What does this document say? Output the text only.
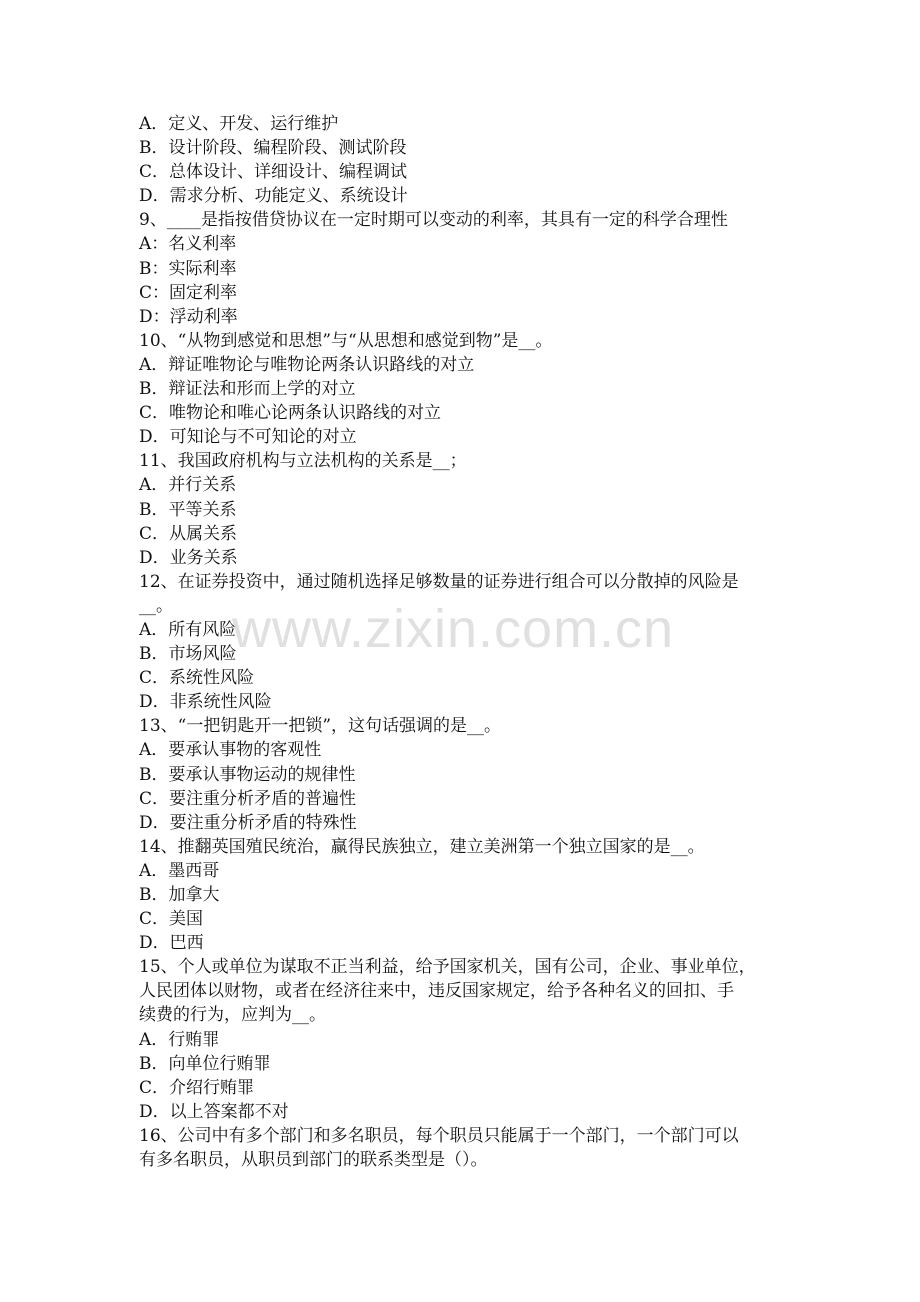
A．定义、开发、运行维护
B．设计阶段、编程阶段、测试阶段
C．总体设计、详细设计、编程调试
D．需求分析、功能定义、系统设计
9、____是指按借贷协议在一定时期可以变动的利率，其具有一定的科学合理性
A：名义利率
B：实际利率
C：固定利率
D：浮动利率
10、“从物到感觉和思想”与“从思想和感觉到物”是__。
A．辩证唯物论与唯物论两条认识路线的对立
B．辩证法和形而上学的对立
C．唯物论和唯心论两条认识路线的对立
D．可知论与不可知论的对立
11、我国政府机构与立法机构的关系是__；
A．并行关系
B．平等关系
C．从属关系
D．业务关系
12、在证券投资中，通过随机选择足够数量的证券进行组合可以分散掉的风险是
__。
A．所有风险
B．市场风险
C．系统性风险
D．非系统性风险
13、“一把钥匙开一把锁”，这句话强调的是__。
A．要承认事物的客观性
B．要承认事物运动的规律性
C．要注重分析矛盾的普遍性
D．要注重分析矛盾的特殊性
14、推翻英国殖民统治，赢得民族独立，建立美洲第一个独立国家的是__。
A．墨西哥
B．加拿大
C．美国
D．巴西
15、个人或单位为谋取不正当利益，给予国家机关，国有公司，企业、事业单位，
人民团体以财物，或者在经济往来中，违反国家规定，给予各种名义的回扣、手
续费的行为，应判为__。
A．行贿罪
B．向单位行贿罪
C．介绍行贿罪
D．以上答案都不对
16、公司中有多个部门和多名职员，每个职员只能属于一个部门，一个部门可以
有多名职员，从职员到部门的联系类型是（）。
www.zixin.com.cn
